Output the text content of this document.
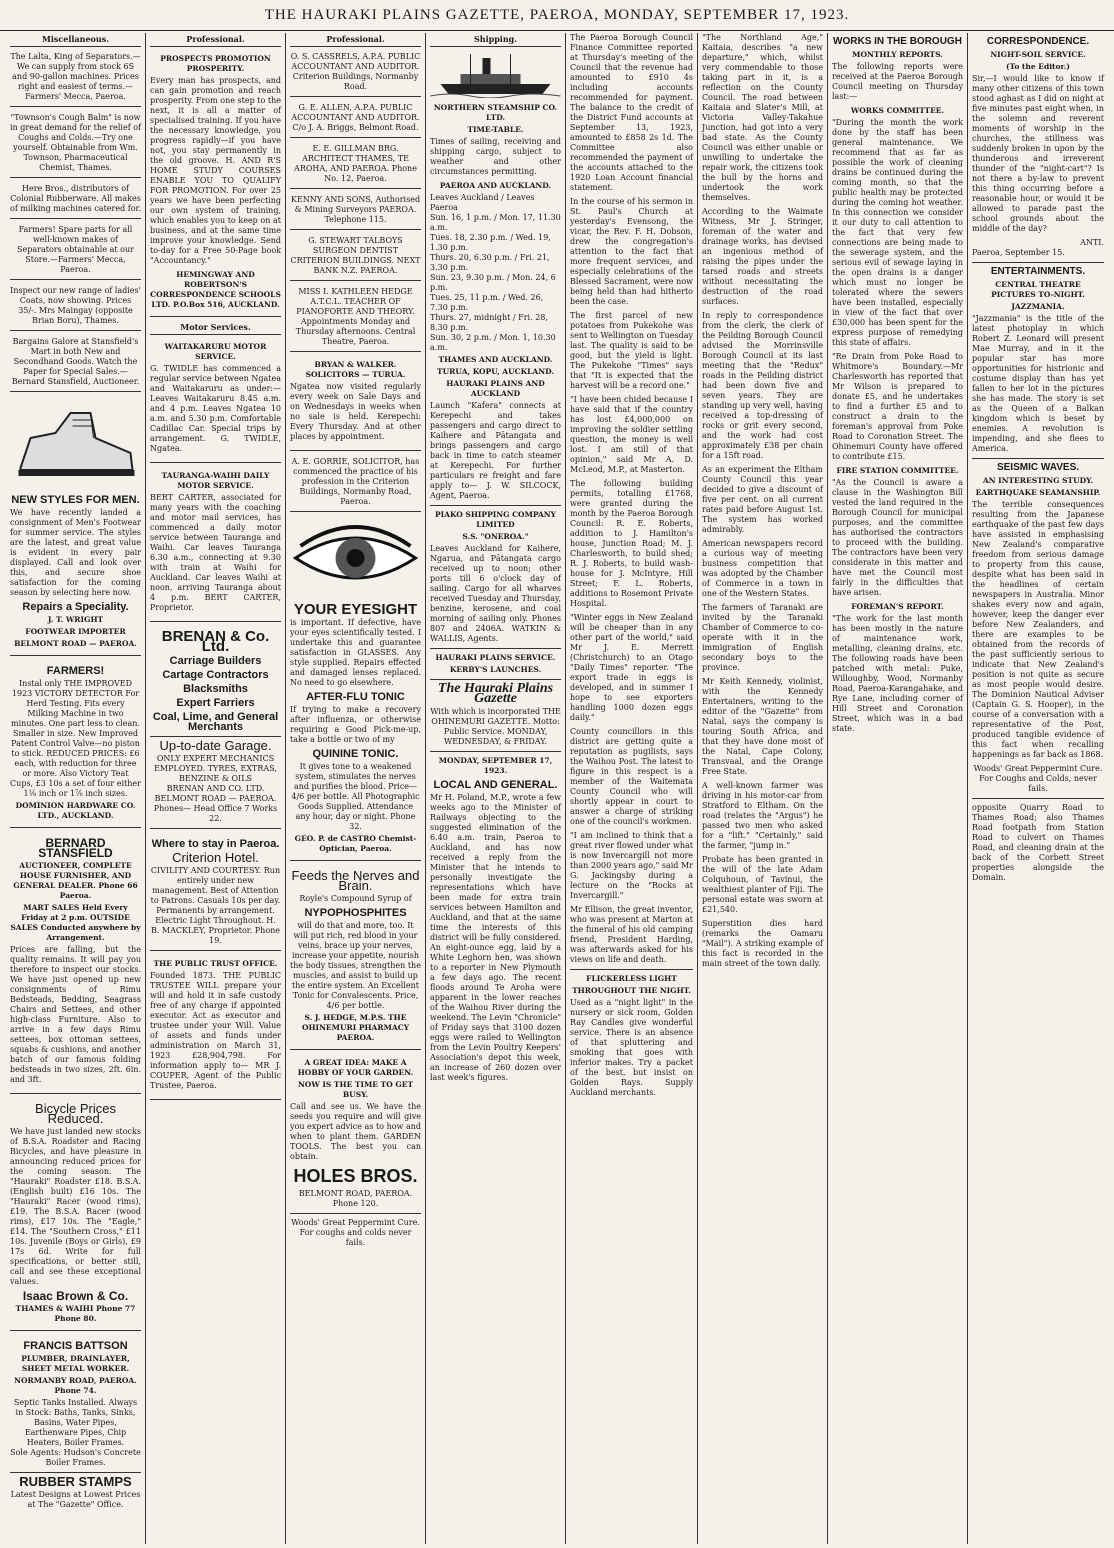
THE HAURAKI PLAINS GAZETTE, PAEROA, MONDAY, SEPTEMBER 17, 1923.
Miscellaneous.
The Lalta, King of Separators.—We can supply from stock 6S and 90-gallon machines. Prices right and easiest of terms.—Farmers' Mecca, Paeroa.
"Townson's Cough Balm" is now in great demand for the relief of Coughs and Colds.—Try one yourself. Obtainable from Wm. Townson, Pharmaceutical Chemist, Thames.
Here Bros., distributors of Colonial Rubberware. All makes of milking machines catered for.
Farmers! Spare parts for all well-known makes of Separators obtainable at our Store.—Farmers' Mecca, Paeroa.
Inspect our new range of ladies' Coats, now showing. Prices 35/-. Mrs Maingay (opposite Brian Boru), Thames.
Bargains Galore at Stansfield's Mart in both New and Secondhand Goods. Watch the Paper for Special Sales.—Bernard Stansfield, Auctioneer.
NEW STYLES FOR MEN.
We have recently landed a consignment of Men's Footwear for summer service. The styles are the latest, and great value is evident in every pair displayed. Call and look over this, and secure shoe satisfaction for the coming season by selecting here now.
Repairs a Speciality.
J. T. WRIGHT
FOOTWEAR IMPORTER
BELMONT ROAD — PAEROA.
FARMERS!
Instal only THE IMPROVED 1923 VICTORY DETECTOR For Herd Testing. Fits every Milking Machine in two minutes. One part less to clean. Smaller in size. New Improved Patent Control Valve—no piston to stick. REDUCED PRICES: £6 each, with reduction for three or more. Also Victory Teat Cups, £3 10s a set of four either 1⅛ inch or 1⅞ inch sizes.
DOMINION HARDWARE CO. LTD., AUCKLAND.
BERNARD STANSFIELD
AUCTIONEER, COMPLETE HOUSE FURNISHER, AND GENERAL DEALER. Phone 66 Paeroa.
MART SALES Held Every Friday at 2 p.m. OUTSIDE SALES Conducted anywhere by Arrangement.
Prices are falling, but the quality remains. It will pay you therefore to inspect our stocks. We have just opened up new consignments of Rimu Bedsteads, Bedding, Seagrass Chairs and Settees, and other high-class Furniture. Also to arrive in a few days Rimu settees, box ottoman settees, squabs & cushions, and another batch of our famous folding bedsteads in two sizes, 2ft. 6in. and 3ft.
Bicycle Prices Reduced.
We have just landed new stocks of B.S.A. Roadster and Racing Bicycles, and have pleasure in announcing reduced prices for the coming season. The "Hauraki" Roadster £18. B.S.A. (English built) £16 10s. The "Hauraki" Racer (wood rims), £19. The B.S.A. Racer (wood rims), £17 10s. The "Eagle," £14. The "Southern Cross," £11 10s. Juvenile (Boys or Girls), £9 17s 6d. Write for full specifications, or better still, call and see these exceptional values.
Isaac Brown & Co.
THAMES & WAIHI Phone 77 Phone 80.
FRANCIS BATTSON
PLUMBER, DRAINLAYER, SHEET METAL WORKER.
NORMANBY ROAD, PAEROA. Phone 74.
Septic Tanks Installed. Always in Stock: Baths, Tanks, Sinks, Basins, Water Pipes, Earthenware Pipes, Chip Heaters, Boiler Frames.
Sole Agents: Hudson's Concrete Boiler Frames.
RUBBER STAMPS
Latest Designs at Lowest Prices at The "Gazette" Office.
Professional.
PROSPECTS PROMOTION PROSPERITY.
Every man has prospects, and can gain promotion and reach prosperity. From one step to the next, it is all a matter of specialised training. If you have the necessary knowledge, you progress rapidly—if you have not, you stay permanently in the old groove. H. AND R'S HOME STUDY COURSES ENABLE YOU TO QUALIFY FOR PROMOTION. For over 25 years we have been perfecting our own system of training, which enables you to keep on at business, and at the same time improve your knowledge. Send to-day for a Free 50-Page book "Accountancy."
HEMINGWAY AND ROBERTSON'S CORRESPONDENCE SCHOOLS LTD. P.O.Box 516, AUCKLAND.
Motor Services.
WAITAKARURU MOTOR SERVICE.
G. TWIDLE has commenced a regular service between Ngatea and Waitakaruru as under:— Leaves Waitakaruru 8.45 a.m. and 4 p.m. Leaves Ngatea 10 a.m. and 5.30 p.m. Comfortable Cadillac Car. Special trips by arrangement. G. TWIDLE, Ngatea.
TAURANGA-WAIHI DAILY MOTOR SERVICE.
BERT CARTER, associated for many years with the coaching and motor mail services, has commenced a daily motor service between Tauranga and Waihi. Car leaves Tauranga 6.30 a.m., connecting at 9.30 with train at Waihi for Auckland. Car leaves Waihi at noon, arriving Tauranga about 4 p.m. BERT CARTER, Proprietor.
BRENAN & Co. Ltd.
Carriage Builders
Cartage Contractors
Blacksmiths
Expert Farriers
Coal, Lime, and General Merchants
Up-to-date Garage.
ONLY EXPERT MECHANICS EMPLOYED. TYRES, EXTRAS, BENZINE & OILS
BRENAN AND CO. LTD. BELMONT ROAD — PAEROA. Phones— Head Office 7 Works 22.
Where to stay in Paeroa.
Criterion Hotel.
CIVILITY AND COURTESY. Run entirely under new management. Best of Attention to Patrons. Casuals 10s per day. Permanents by arrangement. Electric Light Throughout. H. B. MACKLEY, Proprietor. Phone 19.
THE PUBLIC TRUST OFFICE.
Founded 1873. THE PUBLIC TRUSTEE WILL prepare your will and hold it in safe custody free of any charge if appointed executor. Act as executor and trustee under your Will. Value of assets and funds under administration on March 31, 1923 £28,904,798. For information apply to— MR J. COUPER, Agent of the Public Trustee, Paeroa.
Professional.
O. S. CASSRELS, A.P.A. PUBLIC ACCOUNTANT AND AUDITOR. Criterion Buildings, Normanby Road.
G. E. ALLEN, A.P.A. PUBLIC ACCOUNTANT AND AUDITOR. C/o J. A. Briggs, Belmont Road.
E. E. GILLMAN BRG. ARCHITECT THAMES, TE AROHA, AND PAEROA. Phone No. 12, Paeroa.
KENNY AND SONS, Authorised & Mining Surveyors PAEROA. Telephone 115.
G. STEWART TALBOYS SURGEON DENTIST CRITERION BUILDINGS. NEXT BANK N.Z. PAEROA.
MISS I. KATHLEEN HEDGE A.T.C.L. TEACHER OF PIANOFORTE AND THEORY. Appointments Monday and Thursday afternoons. Central Theatre, Paeroa.
BRYAN & WALKER. SOLICITORS — TURUA.
Ngatea now visited regularly every week on Sale Days and on Wednesdays in weeks when no sale is held. Kerepechi: Every Thursday. And at other places by appointment.
A. E. GORRIE, SOLICITOR, has commenced the practice of his profession in the Criterion Buildings, Normanby Road, Paeroa.
YOUR EYESIGHT
is important. If defective, have your eyes scientifically tested. I undertake this and guarantee satisfaction in GLASSES. Any style supplied. Repairs effected and damaged lenses replaced. No need to go elsewhere.
AFTER-FLU TONIC
If trying to make a recovery after influenza, or otherwise requiring a Good Pick-me-up, take a bottle or two of my
QUININE TONIC.
It gives tone to a weakened system, stimulates the nerves and purifies the blood. Price—4/6 per bottle. All Photographic Goods Supplied. Attendance any hour, day or night. Phone 32.
GEO. P. de CASTRO Chemist-Optician, Paeroa.
Feeds the Nerves and Brain.
Royle's Compound Syrup of
NYPOPHOSPHITES
will do that and more, too. It will put rich, red blood in your veins, brace up your nerves, increase your appetite, nourish the body tissues, strengthen the muscles, and assist to build up the entire system. An Excellent Tonic for Convalescents. Price, 4/6 per bottle.
S. J. HEDGE, M.P.S. THE OHINEMURI PHARMACY PAEROA.
A GREAT IDEA: MAKE A HOBBY OF YOUR GARDEN.
NOW IS THE TIME TO GET BUSY.
Call and see us. We have the seeds you require and will give you expert advice as to how and when to plant them. GARDEN TOOLS. The best you can obtain.
HOLES BROS.
BELMONT ROAD, PAEROA. Phone 120.
Woods' Great Peppermint Cure. For coughs and colds never fails.
Shipping.
NORTHERN STEAMSHIP CO. LTD.
TIME-TABLE.
Times of sailing, receiving and shipping cargo, subject to weather and other circumstances permitting.
PAEROA AND AUCKLAND.
Leaves Auckland / Leaves Paeroa
Sun. 16, 1 p.m. / Mon. 17, 11.30 a.m.
Tues. 18, 2.30 p.m. / Wed. 19, 1.30 p.m.
Thurs. 20, 6.30 p.m. / Fri. 21, 3.30 p.m.
Sun. 23, 9.30 p.m. / Mon. 24, 6 p.m.
Tues. 25, 11 p.m. / Wed. 26, 7.30 p.m.
Thurs. 27, midnight / Fri. 28, 8.30 p.m.
Sun. 30, 2 p.m. / Mon. 1, 10.30 a.m.
THAMES AND AUCKLAND.
TURUA, KOPU, AUCKLAND.
HAURAKI PLAINS AND AUCKLAND
Launch "Kafera" connects at Kerepechi and takes passengers and cargo direct to Kaihere and Pātangata and brings passengers and cargo back in time to catch steamer at Kerepechi. For further particulars re freight and fare apply to— J. W. SILCOCK, Agent, Paeroa.
PIAKO SHIPPING COMPANY LIMITED
S.S. "ONEROA."
Leaves Auckland for Kaihere, Ngarua, and Pātangata cargo received up to noon; other ports till 6 o'clock day of sailing. Cargo for all wharves received Tuesday and Thursday, benzine, kerosene, and coal morning of sailing only. Phones 807 and 2406A. WATKIN & WALLIS, Agents.
HAURAKI PLAINS SERVICE.
KERBY'S LAUNCHES.
The Hauraki Plains Gazette
With which is incorporated THE OHINEMURI GAZETTE. Motto: Public Service. MONDAY, WEDNESDAY, & FRIDAY.
MONDAY, SEPTEMBER 17, 1923.
LOCAL AND GENERAL.
Mr H. Poland, M.P., wrote a few weeks ago to the Minister of Railways objecting to the suggested elimination of the 6.40 a.m. train, Paeroa to Auckland, and has now received a reply from the Minister that he intends to personally investigate the representations which have been made for extra train services between Hamilton and Auckland, and that at the same time the interests of this district will be fully considered. An eight-ounce egg, laid by a White Leghorn hen, was shown to a reporter in New Plymouth a few days ago. The recent floods around Te Aroha were apparent in the lower reaches of the Waihou River during the weekend. The Levin "Chronicle" of Friday says that 3100 dozen eggs were railed to Wellington from the Levin Poultry Keepers' Association's depot this week, an increase of 260 dozen over last week's figures.
The Paeroa Borough Council Finance Committee reported at Thursday's meeting of the Council that the revenue had amounted to £910 4s including accounts recommended for payment. The balance to the credit of the District Fund accounts at September 13, 1923, amounted to £858 2s 1d. The Committee also recommended the payment of the accounts attached to the 1920 Loan Account financial statement.
In the course of his sermon in St. Paul's Church at yesterday's Evensong, the vicar, the Rev. F. H. Dobson, drew the congregation's attention to the fact that more frequent services, and especially celebrations of the Blessed Sacrament, were now being held than had hitherto been the case.
The first parcel of new potatoes from Pukekohe was sent to Wellington on Tuesday last. The quality is said to be good, but the yield is light. The Pukekohe "Times" says that "It is expected that the harvest will be a record one."
"I have been chided because I have said that if the country has lost £4,000,000 on improving the soldier settling question, the money is well lost. I am still of that opinion," said Mr A. D. McLeod, M.P., at Masterton.
The following building permits, totalling £1768, were granted during the month by the Paeroa Borough Council: R. E. Roberts, addition to J. Hamilton's house, Junction Road; M. J. Charlesworth, to build shed; R. J. Roberts, to build wash-house for J. McIntyre, Hill Street; F. L. Roberts, additions to Rosemont Private Hospital.
"Winter eggs in New Zealand will be cheaper than in any other part of the world," said Mr J. E. Merrett (Christchurch) to an Otago "Daily Times" reporter. "The export trade in eggs is developed, and in summer I hope to see exporters handling 1000 dozen eggs daily."
County councillors in this district are getting quite a reputation as pugilists, says the Waihou Post. The latest to figure in this respect is a member of the Waitemata County Council who will shortly appear in court to answer a charge of striking one of the council's workmen.
"I am inclined to think that a great river flowed under what is now Invercargill not more than 2000 years ago," said Mr G. Jackingsby during a lecture on the "Rocks at Invercargill."
Mr Ellison, the great inventor, who was present at Marton at the funeral of his old camping friend, President Harding, was afterwards asked for his views on life and death.
FLICKERLESS LIGHT
THROUGHOUT THE NIGHT.
Used as a "night light" in the nursery or sick room, Golden Ray Candles give wonderful service. There is an absence of that spluttering and smoking that goes with inferior makes. Try a packet of the best, but insist on Golden Rays. Supply Auckland merchants.
"The Northland Age," Kaitaia, describes "a new departure," which, whilst very commendable to those taking part in it, is a reflection on the County Council. The road between Kaitaia and Slater's Mill, at Victoria Valley-Takahue Junction, had got into a very bad state. As the County Council was either unable or unwilling to undertake the repair work, the citizens took the bull by the horns and undertook the work themselves.
According to the Waimate Witness, Mr J. Stringer, foreman of the water and drainage works, has devised an ingenious method of raising the pipes under the tarsed roads and streets without necessitating the destruction of the road surfaces.
In reply to correspondence from the clerk, the clerk of the Peilding Borough Council advised the Morrinsville Borough Council at its last meeting that the "Redux" roads in the Peilding district had been down five and seven years. They are standing up very well, having received a top-dressing of rocks or grit every second, and the work had cost approximately £38 per chain for a 15ft road.
As an experiment the Eltham County Council this year decided to give a discount of five per cent. on all current rates paid before August 1st. The system has worked admirably.
American newspapers record a curious way of meeting business competition that was adopted by the Chamber of Commerce in a town in one of the Western States.
The farmers of Taranaki are invited by the Taranaki Chamber of Commerce to co-operate with it in the immigration of English secondary boys to the province.
Mr Keith Kennedy, violinist, with the Kennedy Entertainers, writing to the editor of the "Gazette" from Natal, says the company is touring South Africa, and that they have done most of the Natal, Cape Colony, Transvaal, and the Orange Free State.
A well-known farmer was driving in his motor-car from Stratford to Eltham. On the road (relates the "Argus") he passed two men who asked for a "lift." "Certainly," said the farmer, "jump in."
Probate has been granted in the will of the late Adam Colquhoun, of Tavinui, the wealthiest planter of Fiji. The personal estate was sworn at £21,540.
Superstition dies hard (remarks the Oamaru "Mail"). A striking example of this fact is recorded in the main street of the town daily.
WORKS IN THE BOROUGH
MONTHLY REPORTS.
The following reports were received at the Paeroa Borough Council meeting on Thursday last:—
WORKS COMMITTEE.
"During the month the work done by the staff has been general maintenance. We recommend that as far as possible the work of cleaning drains be continued during the coming month, so that the public health may be protected during the coming hot weather. In this connection we consider it our duty to call attention to the fact that very few connections are being made to the sewerage system, and the serious evil of sewage laying in the open drains is a danger which must no longer be tolerated where the sewers have been installed, especially in view of the fact that over £30,000 has been spent for the express purpose of remedying this state of affairs.
"Re Drain from Poke Road to Whitmore's Boundary.—Mr Charlesworth has reported that Mr Wilson is prepared to donate £5, and he undertakes to find a further £5 and to construct a drain to the foreman's approval from Poke Road to Coronation Street. The Ohinemuri County have offered to contribute £15.
FIRE STATION COMMITTEE.
"As the Council is aware a clause in the Washington Bill vested the land required in the Borough Council for municipal purposes, and the committee has authorised the contractors to proceed with the building. The contractors have been very considerate in this matter and have met the Council most fairly in the difficulties that have arisen.
FOREMAN'S REPORT.
"The work for the last month has been mostly in the nature of maintenance work, metalling, cleaning drains, etc. The following roads have been patched with metal: Puke, Willoughby, Wood, Normanby Road, Paeroa-Karangahake, and Rye Lane, including corner of Hill Street and Coronation Street, which was in a bad state.
CORRESPONDENCE.
NIGHT-SOIL SERVICE.
(To the Editor.)
Sir,—I would like to know if many other citizens of this town stood aghast as I did on night at five minutes past eight when, in the solemn and reverent moments of worship in the churches, the stillness was suddenly broken in upon by the thunderous and irreverent thunder of the "night-cart"? Is not there a by-law to prevent this thing occurring before a reasonable hour, or would it be allowed to parade past the school grounds about the middle of the day?
ANTI.
Paeroa, September 15.
ENTERTAINMENTS.
CENTRAL THEATRE PICTURES TO-NIGHT.
JAZZMANIA.
"Jazzmania" is the title of the latest photoplay in which Robert Z. Leonard will present Mae Murray, and in it the popular star has more opportunities for histrionic and costume display than has yet fallen to her lot in the pictures she has made. The story is set as the Queen of a Balkan kingdom which is beset by enemies. A revolution is impending, and she flees to America.
SEISMIC WAVES.
AN INTERESTING STUDY.
EARTHQUAKE SEAMANSHIP.
The terrible consequences resulting from the Japanese earthquake of the past few days have assisted in emphasising New Zealand's comparative freedom from serious damage to property from this cause, despite what has been said in the headlines of certain newspapers in Australia. Minor shakes every now and again, however, keep the danger ever before New Zealanders, and there are examples to be obtained from the records of the past sufficiently serious to indicate that New Zealand's position is not quite as secure as most people would desire. The Dominion Nautical Adviser (Captain G. S. Hooper), in the course of a conversation with a representative of the Post, produced tangible evidence of this fact when recalling happenings as far back as 1868.
Woods' Great Peppermint Cure. For Coughs and Colds, never fails.
opposite Quarry Road to Thames Road; also Thames Road footpath from Station Road to culvert on Thames Road, and cleaning drain at the back of the Corbett Street properties alongside the Domain.
